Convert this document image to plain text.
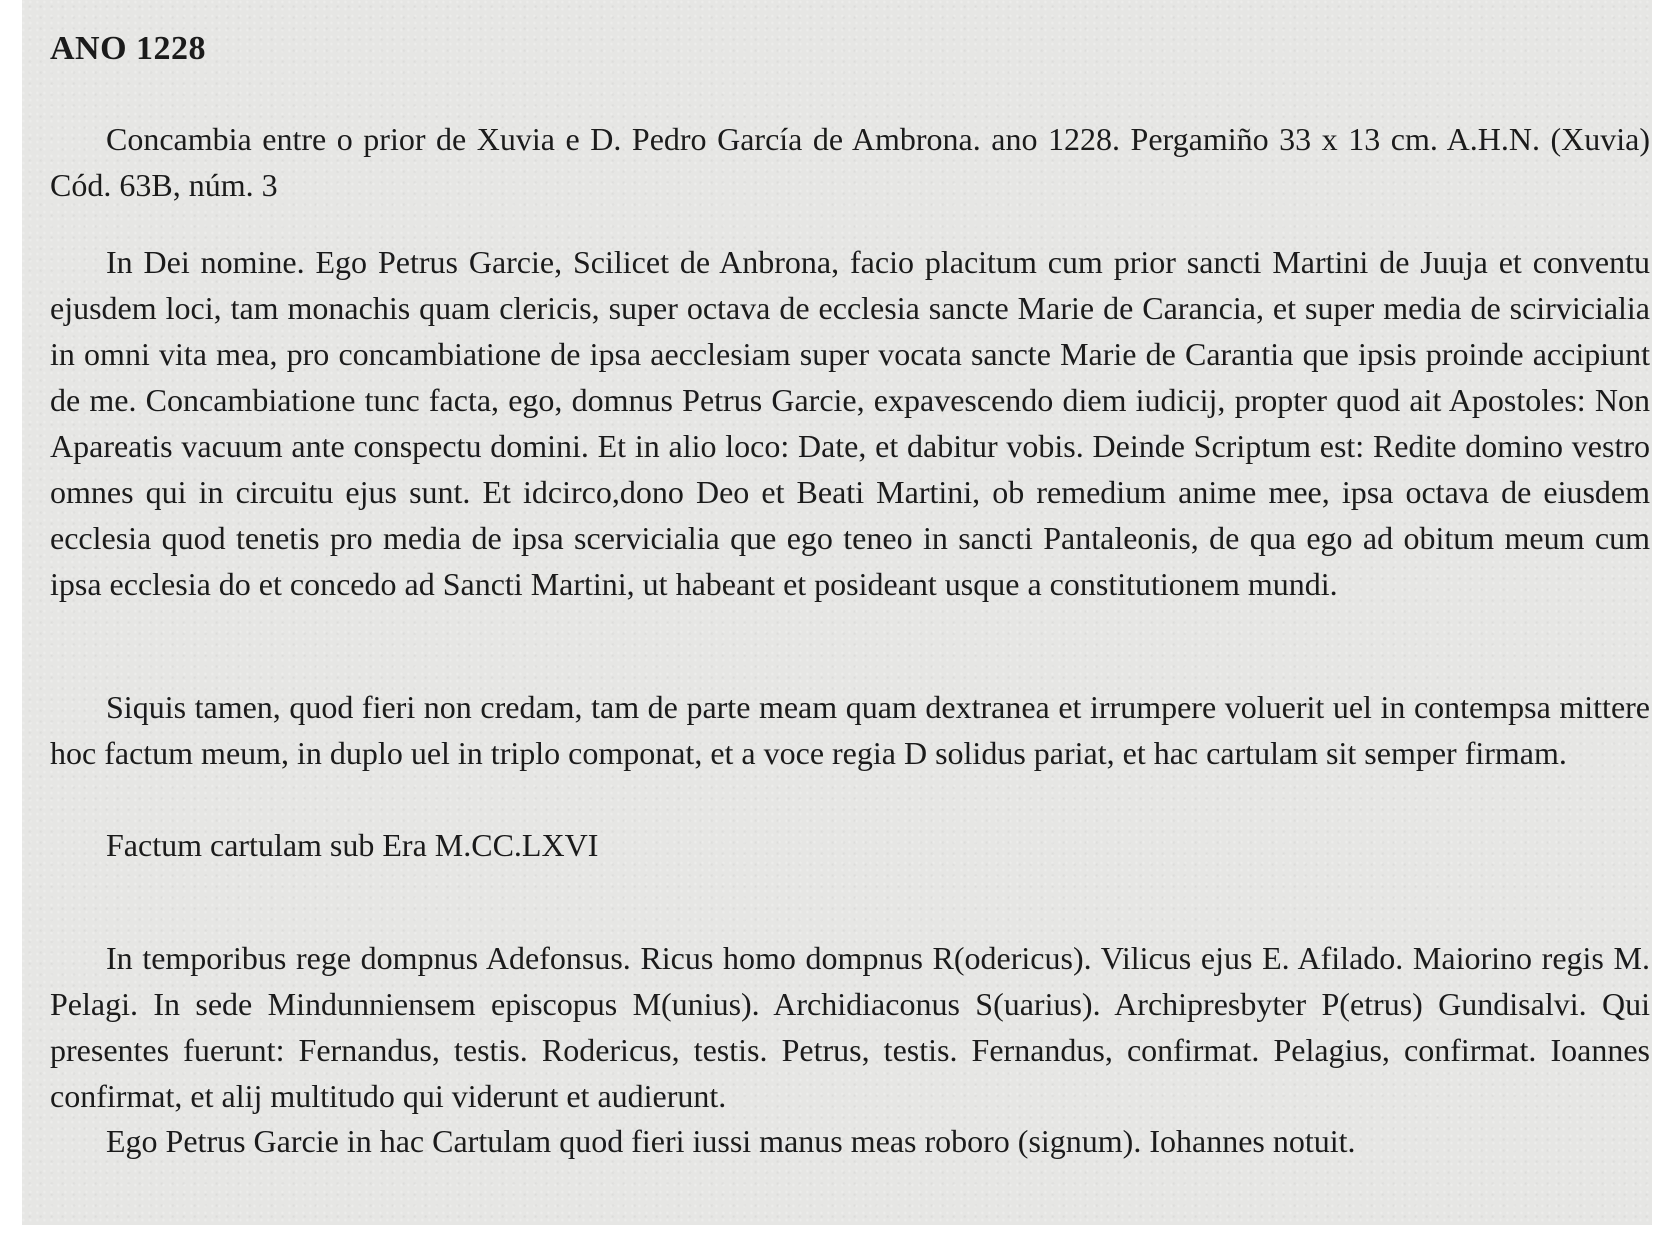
ANO 1228

Concambia entre o prior de Xuvia e D. Pedro García de Ambrona. ano 1228. Pergamiño 33 x 13 cm. A.H.N. (Xuvia) Cód. 63B, núm. 3

In Dei nomine. Ego Petrus Garcie, Scilicet de Anbrona, facio placitum cum prior sancti Martini de Juuja et conventu ejusdem loci, tam monachis quam clericis, super octava de ecclesia sancte Marie de Carancia, et super media de scirvicialia in omni vita mea, pro concambiatione de ipsa aecclesiam super vocata sancte Marie de Carantia que ipsis proinde accipiunt de me. Concambiatione tunc facta, ego, domnus Petrus Garcie, expavescendo diem iudicij, propter quod ait Apostoles: Non Apareatis vacuum ante conspectu domini. Et in alio loco: Date, et dabitur vobis. Deinde Scriptum est: Redite domino vestro omnes qui in circuitu ejus sunt. Et idcirco,dono Deo et Beati Martini, ob remedium anime mee, ipsa octava de eiusdem ecclesia quod tenetis pro media de ipsa scervicialia que ego teneo in sancti Pantaleonis, de qua ego ad obitum meum cum ipsa ecclesia do et concedo ad Sancti Martini, ut habeant et posideant usque a constitutionem mundi.

Siquis tamen, quod fieri non credam, tam de parte meam quam dextranea et irrumpere voluerit uel in contempsa mittere hoc factum meum, in duplo uel in triplo componat, et a voce regia D solidus pariat, et hac cartulam sit semper firmam.

Factum cartulam sub Era M.CC.LXVI

In temporibus rege dompnus Adefonsus. Ricus homo dompnus R(odericus). Vilicus ejus E. Afilado. Maiorino regis M. Pelagi. In sede Mindunniensem episcopus M(unius). Archidiaconus S(uarius). Archipresbyter P(etrus) Gundisalvi. Qui presentes fuerunt: Fernandus, testis. Rodericus, testis. Petrus, testis. Fernandus, confirmat. Pelagius, confirmat. Ioannes confirmat, et alij multitudo qui viderunt et audierunt.

Ego Petrus Garcie in hac Cartulam quod fieri iussi manus meas roboro (signum). Iohannes notuit.
